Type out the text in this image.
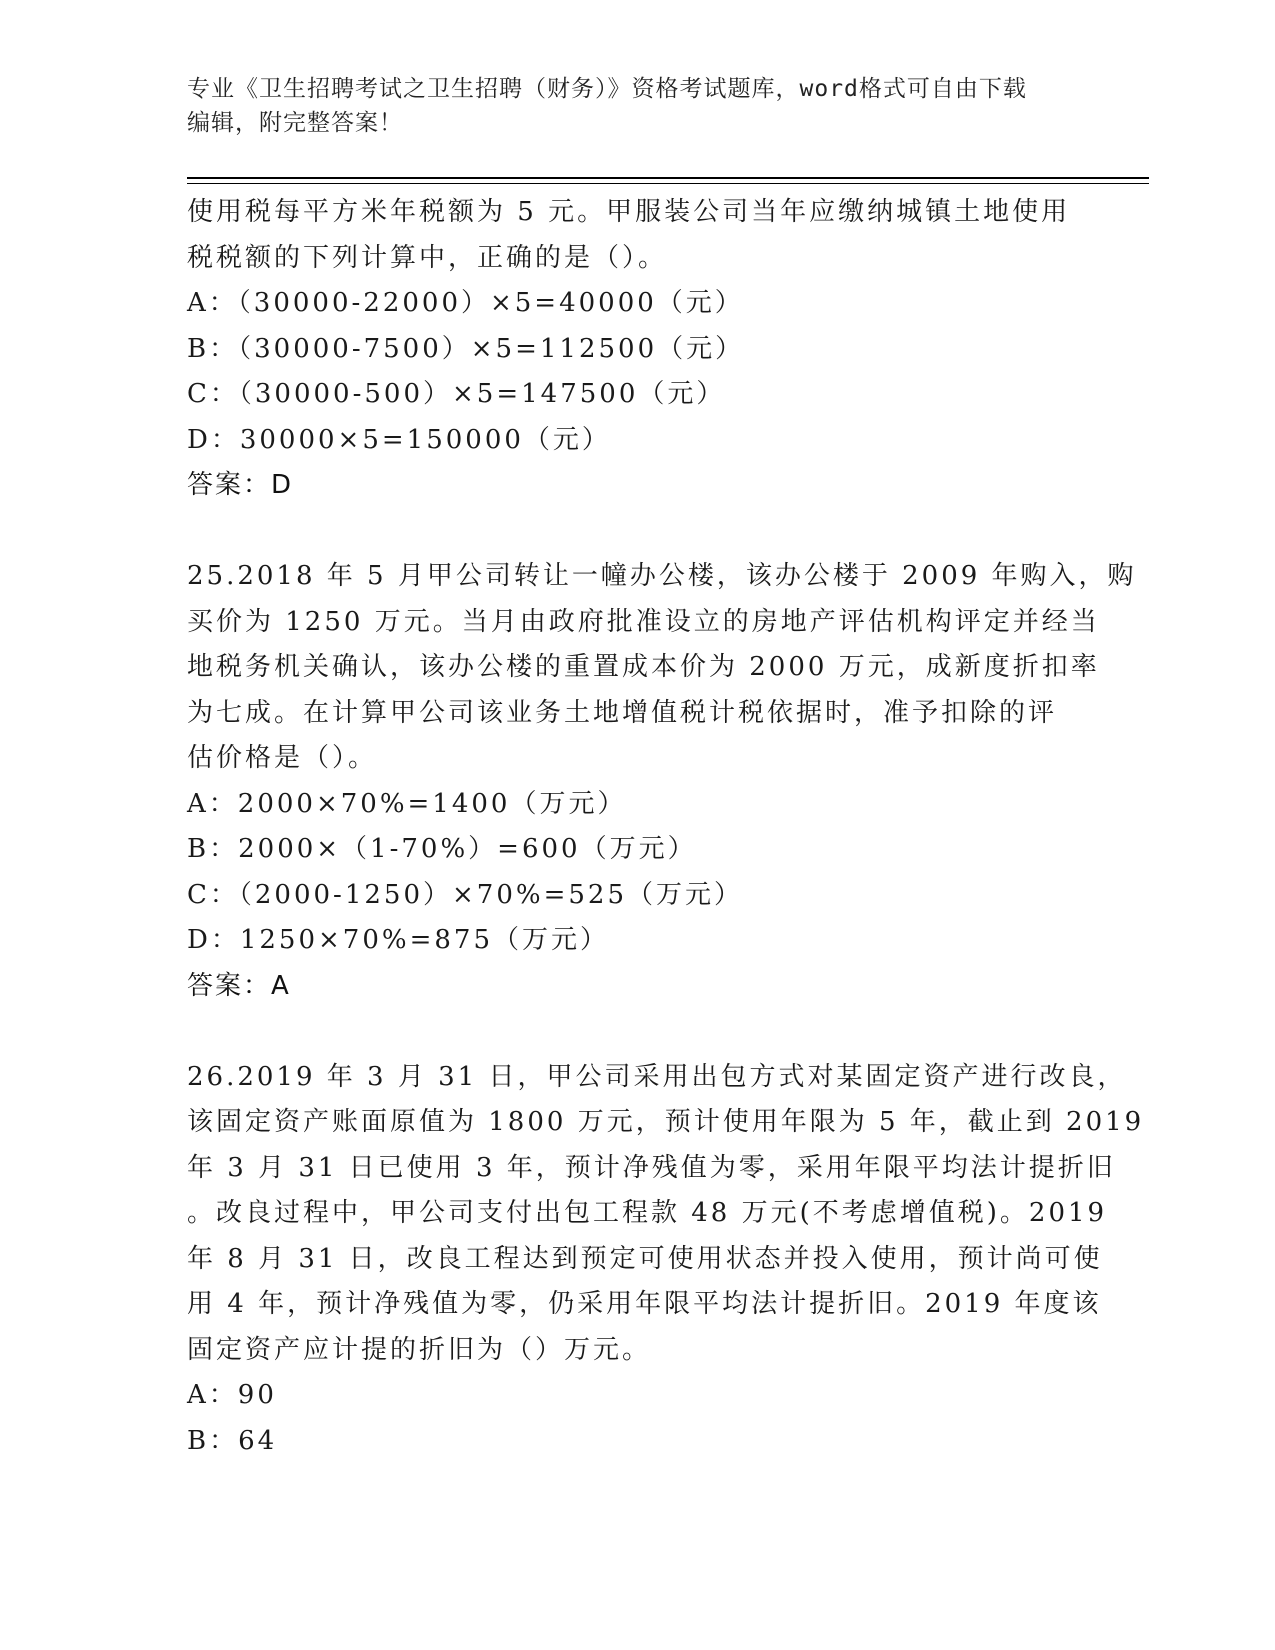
专业《卫生招聘考试之卫生招聘（财务）》资格考试题库，word格式可自由下载
编辑，附完整答案！
使用税每平方米年税额为 5 元。甲服装公司当年应缴纳城镇土地使用
税税额的下列计算中，正确的是（）。
A：（30000-22000）×5=40000（元）
B：（30000-7500）×5=112500（元）
C：（30000-500）×5=147500（元）
D：30000×5=150000（元）
答案：D
25.2018 年 5 月甲公司转让一幢办公楼，该办公楼于 2009 年购入，购
买价为 1250 万元。当月由政府批准设立的房地产评估机构评定并经当
地税务机关确认，该办公楼的重置成本价为 2000 万元，成新度折扣率
为七成。在计算甲公司该业务土地增值税计税依据时，准予扣除的评
估价格是（）。
A：2000×70%=1400（万元）
B：2000×（1-70%）=600（万元）
C：（2000-1250）×70%=525（万元）
D：1250×70%=875（万元）
答案：A
26.2019 年 3 月 31 日，甲公司采用出包方式对某固定资产进行改良，
该固定资产账面原值为 1800 万元，预计使用年限为 5 年，截止到 2019
年 3 月 31 日已使用 3 年，预计净残值为零，采用年限平均法计提折旧
。改良过程中，甲公司支付出包工程款 48 万元(不考虑增值税)。2019
年 8 月 31 日，改良工程达到预定可使用状态并投入使用，预计尚可使
用 4 年，预计净残值为零，仍采用年限平均法计提折旧。2019 年度该
固定资产应计提的折旧为（）万元。
A：90
B：64
